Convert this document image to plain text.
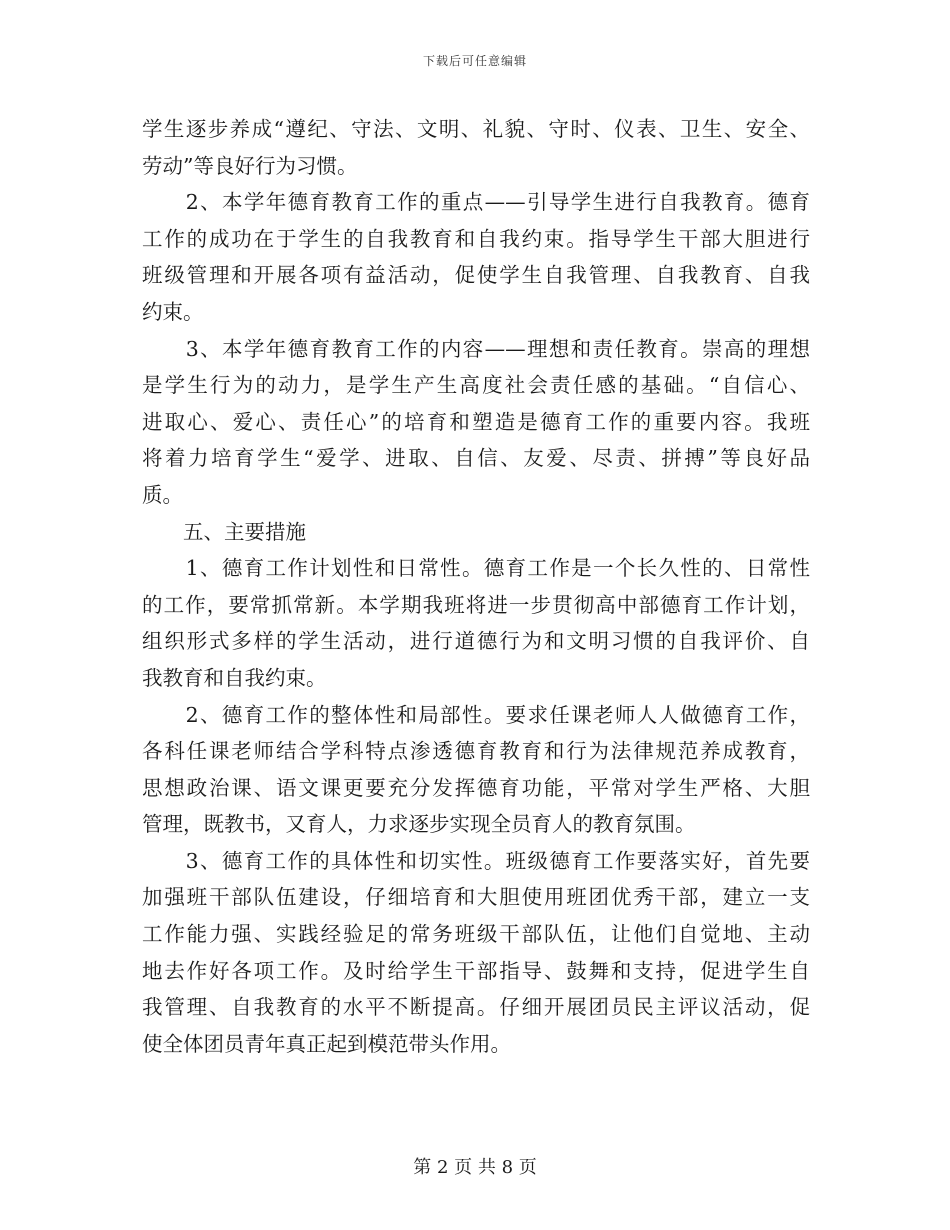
下载后可任意编辑
学生逐步养成“遵纪、守法、文明、礼貌、守时、仪表、卫生、安全、
劳动”等良好行为习惯。
　　2、本学年德育教育工作的重点——引导学生进行自我教育。德育
工作的成功在于学生的自我教育和自我约束。指导学生干部大胆进行
班级管理和开展各项有益活动，促使学生自我管理、自我教育、自我
约束。
　　3、本学年德育教育工作的内容——理想和责任教育。崇高的理想
是学生行为的动力，是学生产生高度社会责任感的基础。“自信心、
进取心、爱心、责任心”的培育和塑造是德育工作的重要内容。我班
将着力培育学生“爱学、进取、自信、友爱、尽责、拼搏”等良好品
质。
　　五、主要措施
　　1、德育工作计划性和日常性。德育工作是一个长久性的、日常性
的工作，要常抓常新。本学期我班将进一步贯彻高中部德育工作计划，
组织形式多样的学生活动，进行道德行为和文明习惯的自我评价、自
我教育和自我约束。
　　2、德育工作的整体性和局部性。要求任课老师人人做德育工作，
各科任课老师结合学科特点渗透德育教育和行为法律规范养成教育，
思想政治课、语文课更要充分发挥德育功能，平常对学生严格、大胆
管理，既教书，又育人，力求逐步实现全员育人的教育氛围。
　　3、德育工作的具体性和切实性。班级德育工作要落实好，首先要
加强班干部队伍建设，仔细培育和大胆使用班团优秀干部，建立一支
工作能力强、实践经验足的常务班级干部队伍，让他们自觉地、主动
地去作好各项工作。及时给学生干部指导、鼓舞和支持，促进学生自
我管理、自我教育的水平不断提高。仔细开展团员民主评议活动，促
使全体团员青年真正起到模范带头作用。
第 2 页 共 8 页
